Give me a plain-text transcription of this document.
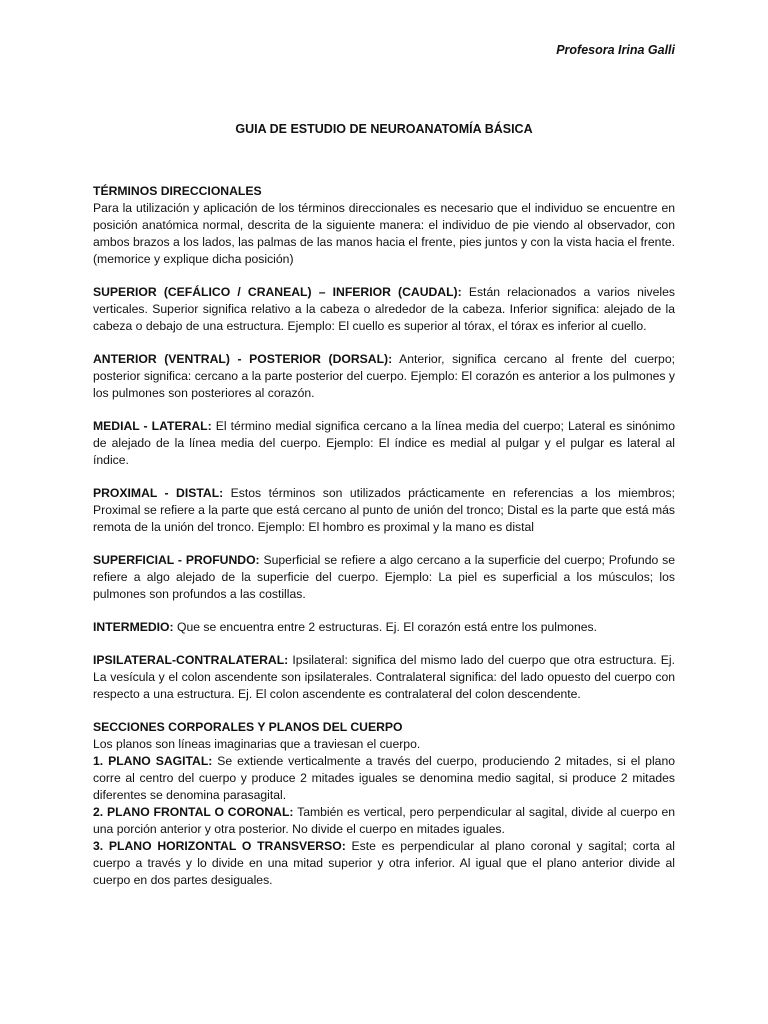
Profesora Irina Galli
GUIA DE ESTUDIO DE NEUROANATOMÍA BÁSICA
TÉRMINOS DIRECCIONALES
Para la utilización y aplicación de los términos direccionales es necesario que el individuo se encuentre en posición anatómica normal, descrita de la siguiente manera: el individuo de pie viendo al observador, con ambos brazos a los lados, las palmas de las manos hacia el frente, pies juntos y con la vista hacia el frente.(memorice y explique dicha posición)

SUPERIOR (CEFÁLICO / CRANEAL) – INFERIOR (CAUDAL): Están relacionados a varios niveles verticales. Superior significa relativo a la cabeza o alrededor de la cabeza. Inferior significa: alejado de la cabeza o debajo de una estructura. Ejemplo: El cuello es superior al tórax, el tórax es inferior al cuello.

ANTERIOR (VENTRAL) - POSTERIOR (DORSAL): Anterior, significa cercano al frente del cuerpo; posterior significa: cercano a la parte posterior del cuerpo. Ejemplo: El corazón es anterior a los pulmones y los pulmones son posteriores al corazón.

MEDIAL - LATERAL: El término medial significa cercano a la línea media del cuerpo; Lateral es sinónimo de alejado de la línea media del cuerpo. Ejemplo: El índice es medial al pulgar y el pulgar es lateral al índice.

PROXIMAL - DISTAL: Estos términos son utilizados prácticamente en referencias a los miembros; Proximal se refiere a la parte que está cercano al punto de unión del tronco; Distal es la parte que está más remota de la unión del tronco. Ejemplo: El hombro es proximal y la mano es distal

SUPERFICIAL - PROFUNDO: Superficial se refiere a algo cercano a la superficie del cuerpo; Profundo se refiere a algo alejado de la superficie del cuerpo. Ejemplo: La piel es superficial a los músculos; los pulmones son profundos a las costillas.

INTERMEDIO: Que se encuentra entre 2 estructuras. Ej. El corazón está entre los pulmones.

IPSILATERAL-CONTRALATERAL: Ipsilateral: significa del mismo lado del cuerpo que otra estructura. Ej. La vesícula y el colon ascendente son ipsilaterales. Contralateral significa: del lado opuesto del cuerpo con respecto a una estructura. Ej. El colon ascendente es contralateral del colon descendente.

SECCIONES CORPORALES Y PLANOS DEL CUERPO
Los planos son líneas imaginarias que a traviesan el cuerpo.
1. PLANO SAGITAL: Se extiende verticalmente a través del cuerpo, produciendo 2 mitades, si el plano corre al centro del cuerpo y produce 2 mitades iguales se denomina medio sagital, si produce 2 mitades diferentes se denomina parasagital.
2. PLANO FRONTAL O CORONAL: También es vertical, pero perpendicular al sagital, divide al cuerpo en una porción anterior y otra posterior. No divide el cuerpo en mitades iguales.
3. PLANO HORIZONTAL O TRANSVERSO: Este es perpendicular al plano coronal y sagital; corta al cuerpo a través y lo divide en una mitad superior y otra inferior. Al igual que el plano anterior divide al cuerpo en dos partes desiguales.
